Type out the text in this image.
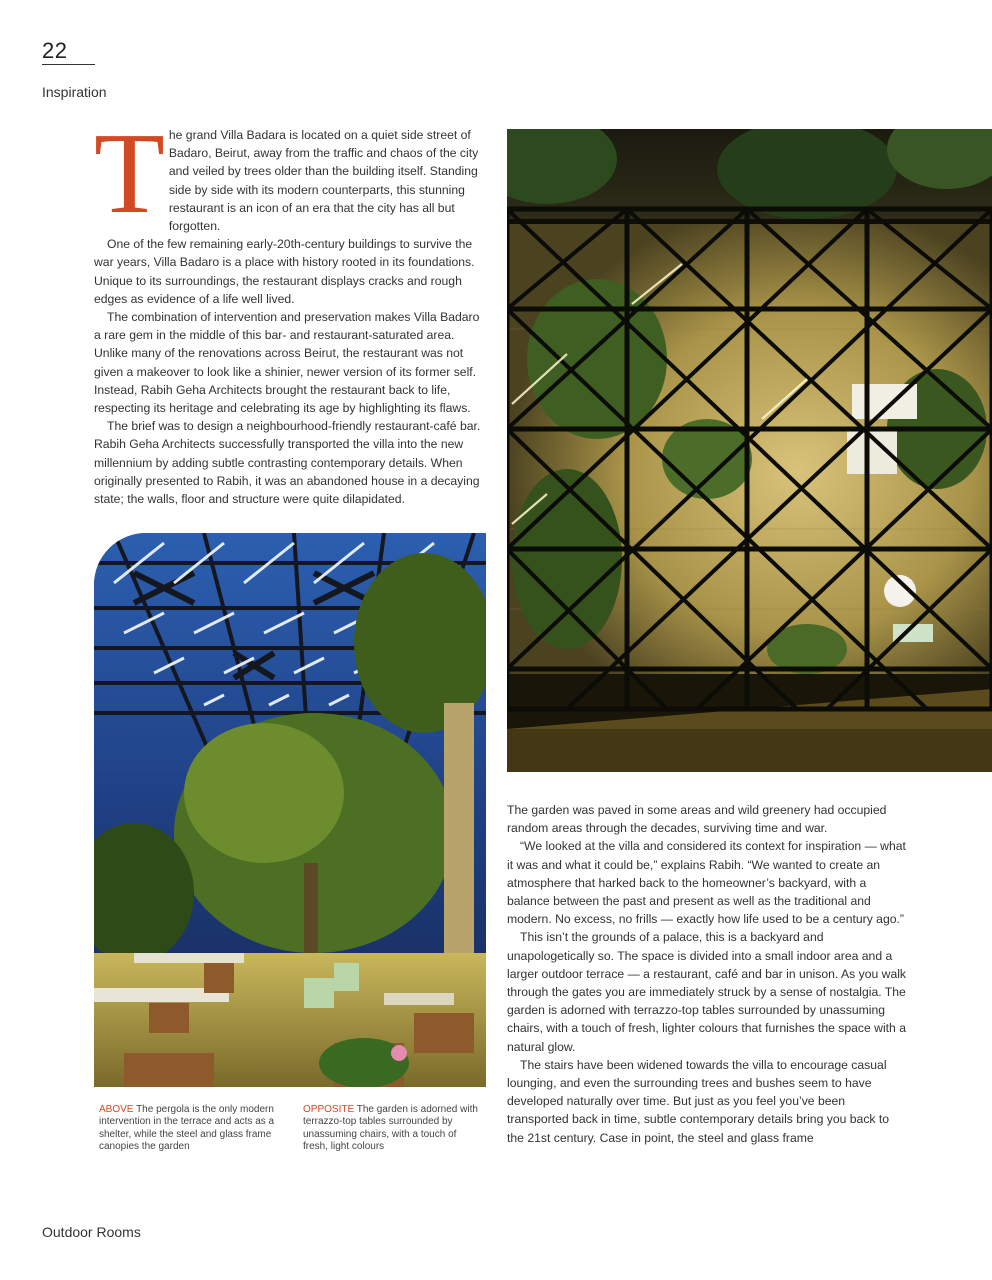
22
Inspiration

The grand Villa Badara is located on a quiet side street of Badaro, Beirut, away from the traffic and chaos of the city and veiled by trees older than the building itself. Standing side by side with its modern counterparts, this stunning restaurant is an icon of an era that the city has all but forgotten.

One of the few remaining early-20th-century buildings to survive the war years, Villa Badaro is a place with history rooted in its foundations. Unique to its surroundings, the restaurant displays cracks and rough edges as evidence of a life well lived.

The combination of intervention and preservation makes Villa Badaro a rare gem in the middle of this bar- and restaurant-saturated area. Unlike many of the renovations across Beirut, the restaurant was not given a makeover to look like a shinier, newer version of its former self. Instead, Rabih Geha Architects brought the restaurant back to life, respecting its heritage and celebrating its age by highlighting its flaws.

The brief was to design a neighbourhood-friendly restaurant-café bar. Rabih Geha Architects successfully transported the villa into the new millennium by adding subtle contrasting contemporary details. When originally presented to Rabih, it was an abandoned house in a decaying state; the walls, floor and structure were quite dilapidated.

ABOVE The pergola is the only modern intervention in the terrace and acts as a shelter, while the steel and glass frame canopies the garden
OPPOSITE The garden is adorned with terrazzo-top tables surrounded by unassuming chairs, with a touch of fresh, light colours

The garden was paved in some areas and wild greenery had occupied random areas through the decades, surviving time and war.

“We looked at the villa and considered its context for inspiration — what it was and what it could be,” explains Rabih. “We wanted to create an atmosphere that harked back to the homeowner’s backyard, with a balance between the past and present as well as the traditional and modern. No excess, no frills — exactly how life used to be a century ago.”

This isn’t the grounds of a palace, this is a backyard and unapologetically so. The space is divided into a small indoor area and a larger outdoor terrace — a restaurant, café and bar in unison. As you walk through the gates you are immediately struck by a sense of nostalgia. The garden is adorned with terrazzo-top tables surrounded by unassuming chairs, with a touch of fresh, lighter colours that furnishes the space with a natural glow.

The stairs have been widened towards the villa to encourage casual lounging, and even the surrounding trees and bushes seem to have developed naturally over time. But just as you feel you’ve been transported back in time, subtle contemporary details bring you back to the 21st century. Case in point, the steel and glass frame

Outdoor Rooms
